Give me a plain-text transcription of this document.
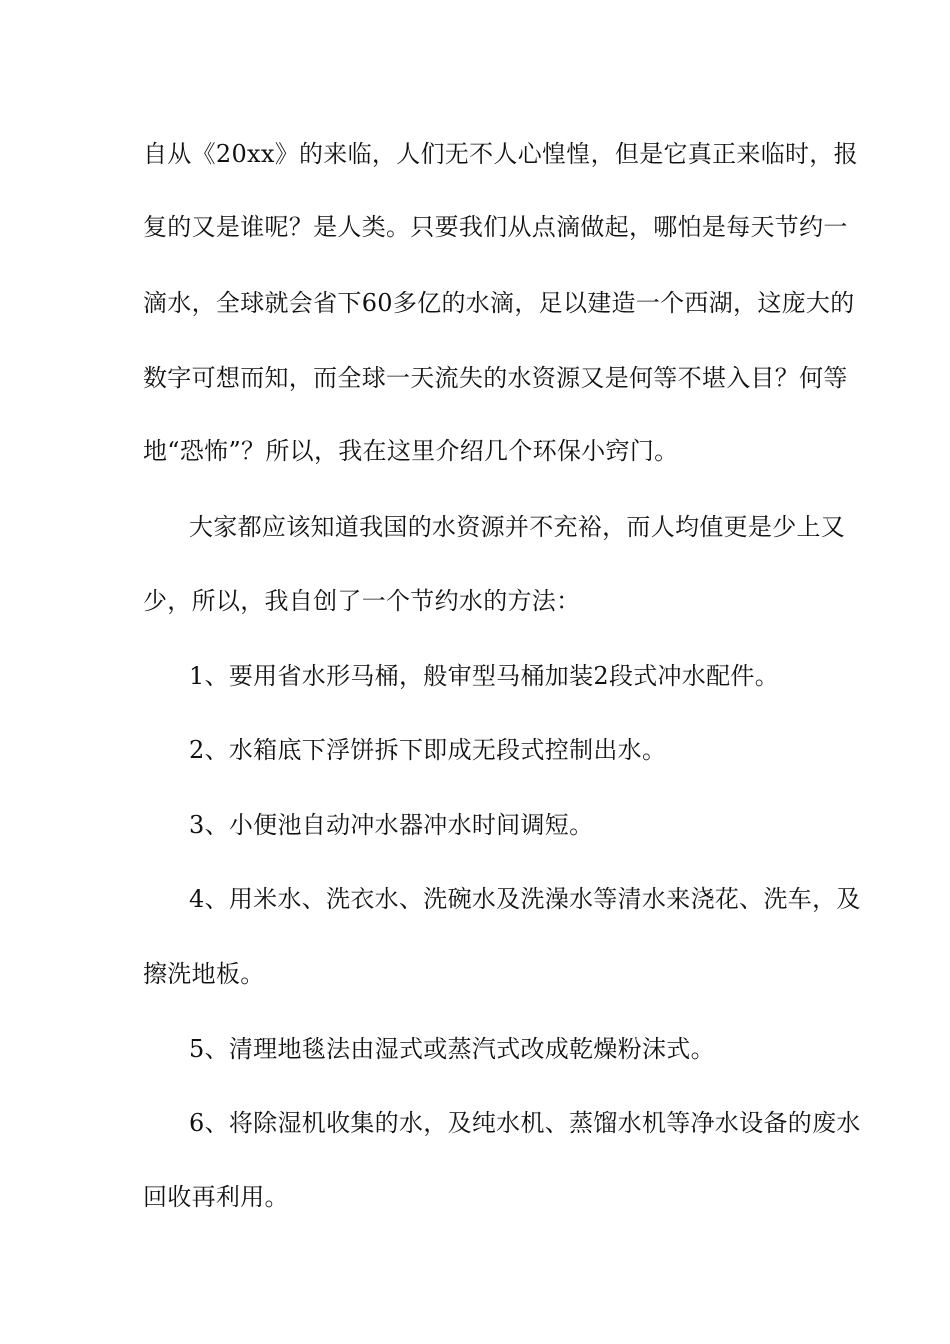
自从《20xx》的来临，人们无不人心惶惶，但是它真正来临时，报
复的又是谁呢？是人类。只要我们从点滴做起，哪怕是每天节约一
滴水，全球就会省下60多亿的水滴，足以建造一个西湖，这庞大的
数字可想而知，而全球一天流失的水资源又是何等不堪入目？何等
地“恐怖”？所以，我在这里介绍几个环保小窍门。
大家都应该知道我国的水资源并不充裕，而人均值更是少上又
少，所以，我自创了一个节约水的方法：
1、要用省水形马桶，般审型马桶加装2段式冲水配件。
2、水箱底下浮饼拆下即成无段式控制出水。
3、小便池自动冲水器冲水时间调短。
4、用米水、洗衣水、洗碗水及洗澡水等清水来浇花、洗车，及
擦洗地板。
5、清理地毯法由湿式或蒸汽式改成乾燥粉沫式。
6、将除湿机收集的水，及纯水机、蒸馏水机等净水设备的废水
回收再利用。
